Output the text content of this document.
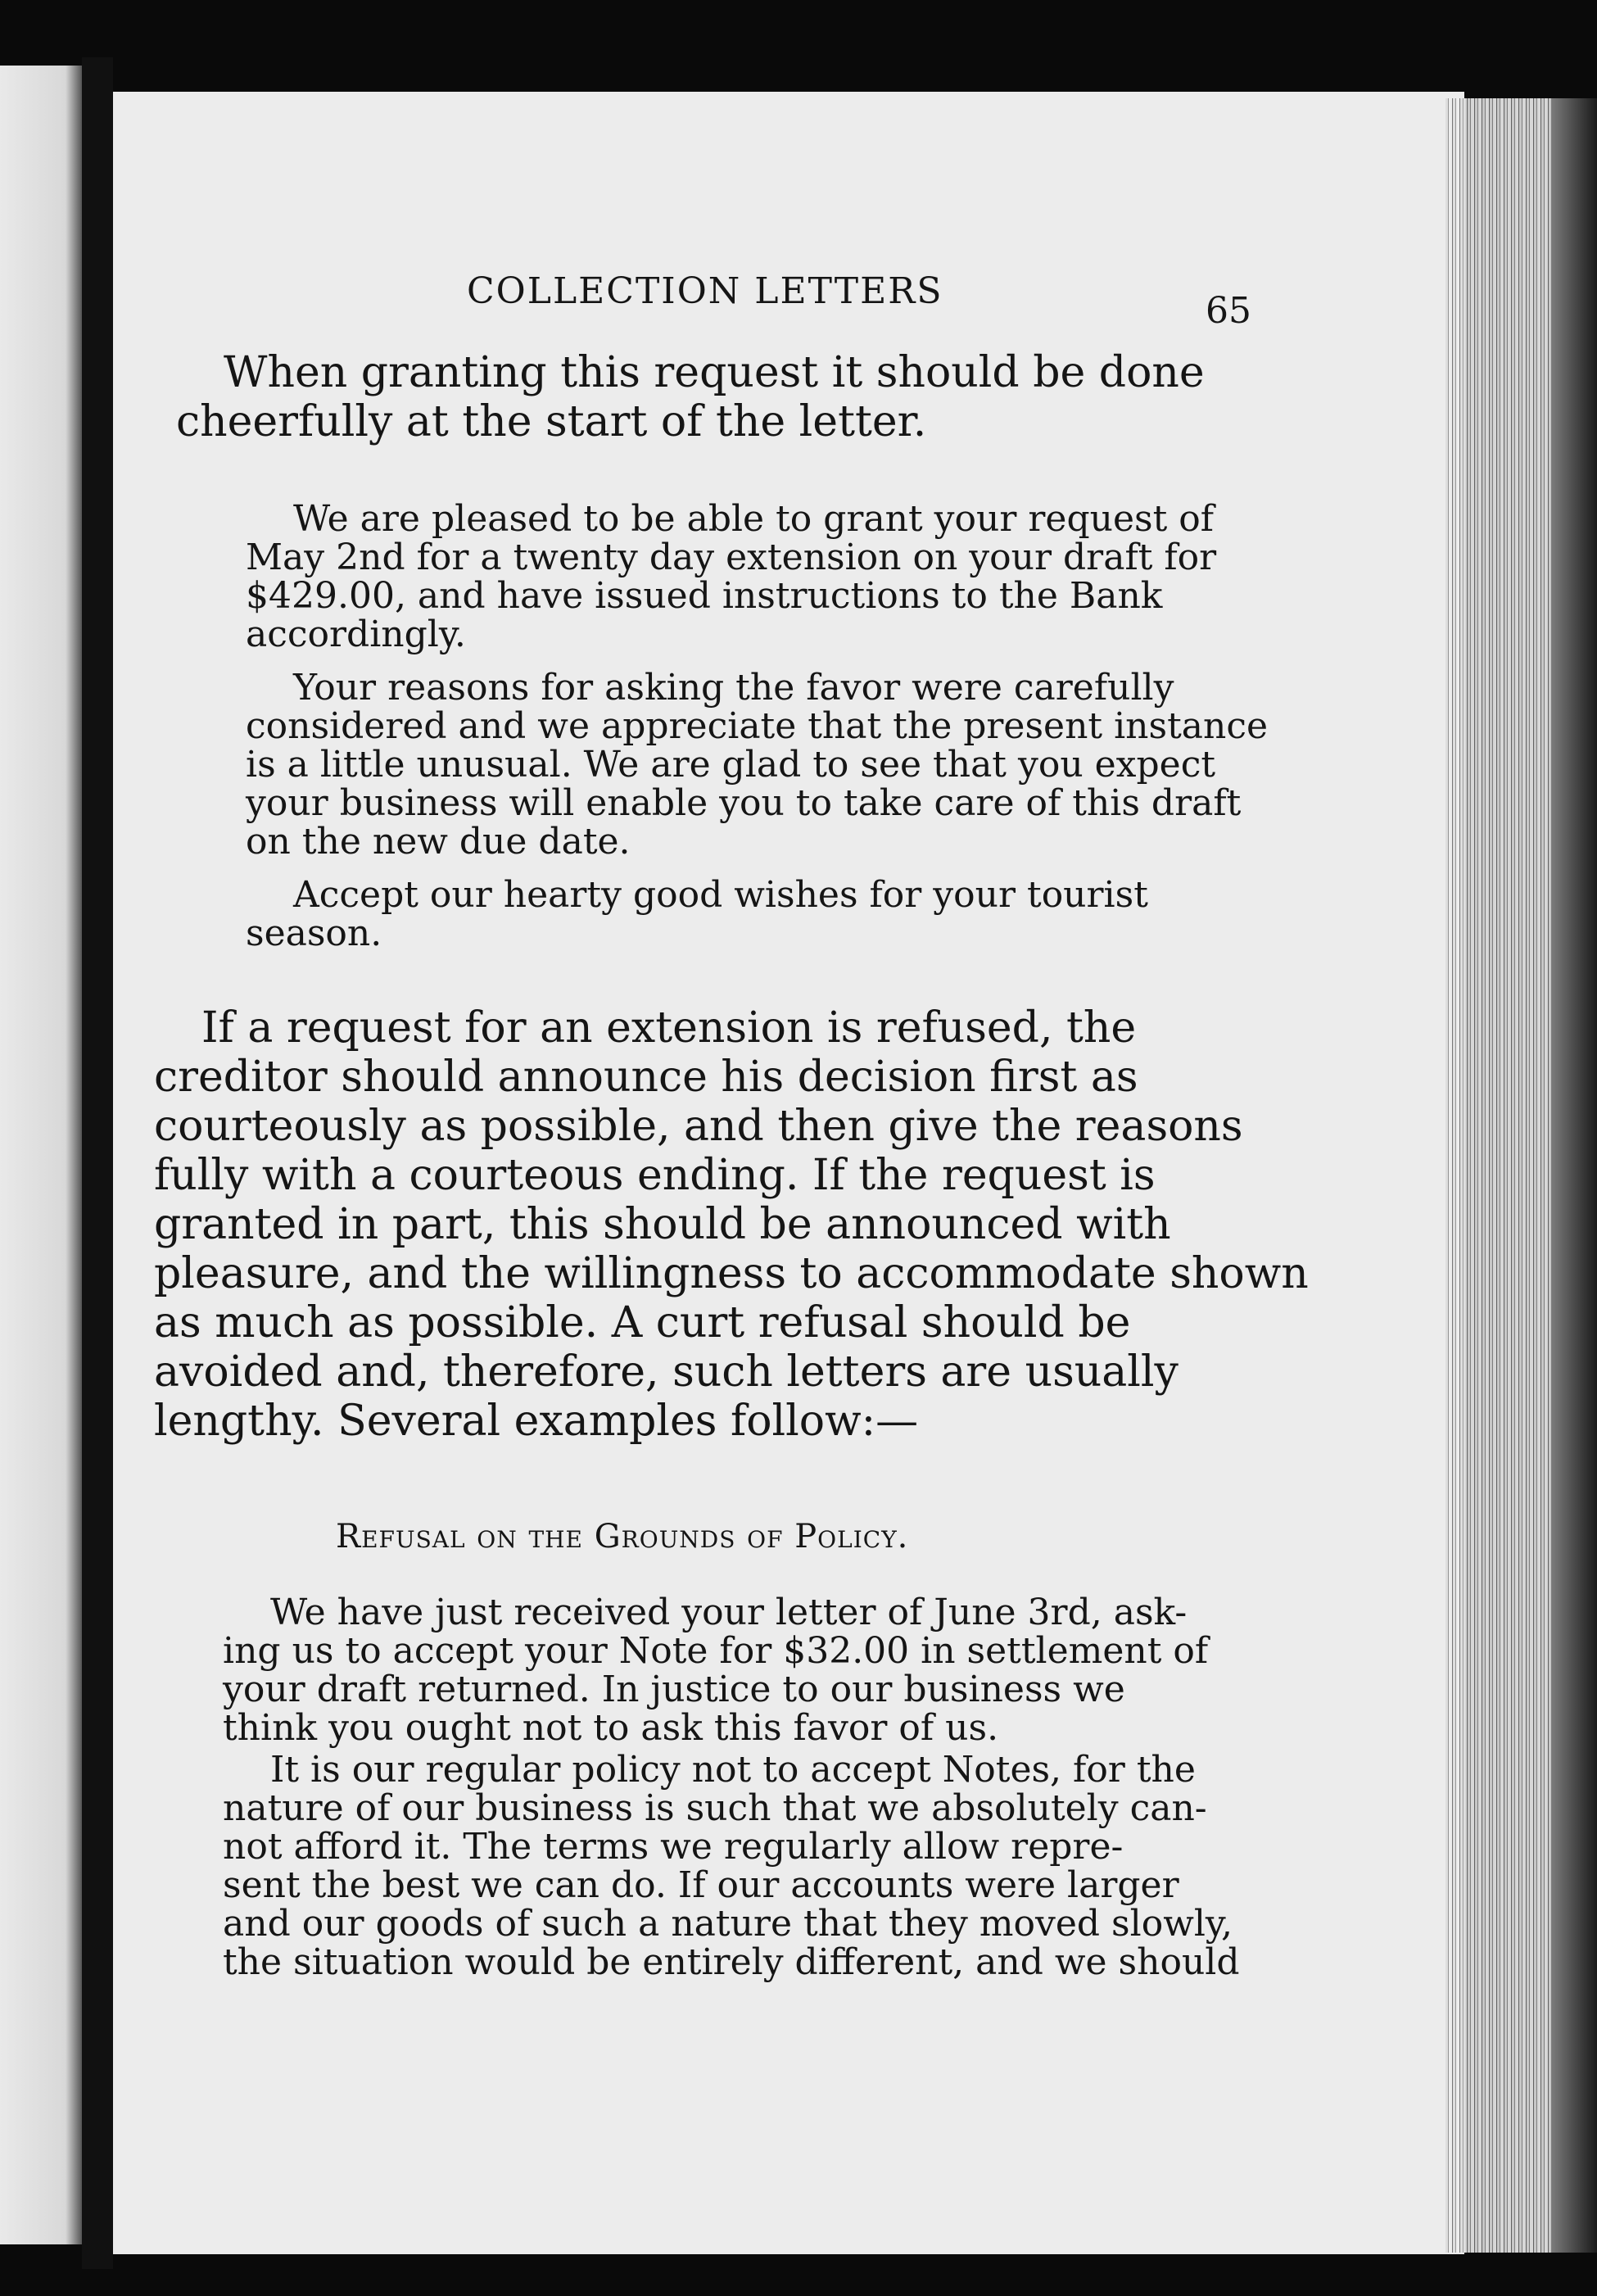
COLLECTION LETTERS	65
When granting this request it should be done
cheerfully at the start of the letter.

We are pleased to be able to grant your request of
May 2nd for a twenty day extension on your draft for
$429.00, and have issued instructions to the Bank
accordingly.

Your reasons for asking the favor were carefully
considered and we appreciate that the present instance
is a little unusual. We are glad to see that you expect
your business will enable you to take care of this draft
on the new due date.

Accept our hearty good wishes for your tourist
season.

If a request for an extension is refused, the
creditor should announce his decision first as
courteously as possible, and then give the reasons
fully with a courteous ending. If the request is
granted in part, this should be announced with
pleasure, and the willingness to accommodate shown
as much as possible. A curt refusal should be
avoided and, therefore, such letters are usually
lengthy. Several examples follow:—
Refusal on the Grounds of Policy.

We have just received your letter of June 3rd, ask-
ing us to accept your Note for $32.00 in settlement of
your draft returned. In justice to our business we
think you ought not to ask this favor of us.

It is our regular policy not to accept Notes, for the
nature of our business is such that we absolutely can-
not afford it. The terms we regularly allow repre-
sent the best we can do. If our accounts were larger
and our goods of such a nature that they moved slowly,
the situation would be entirely different, and we should
